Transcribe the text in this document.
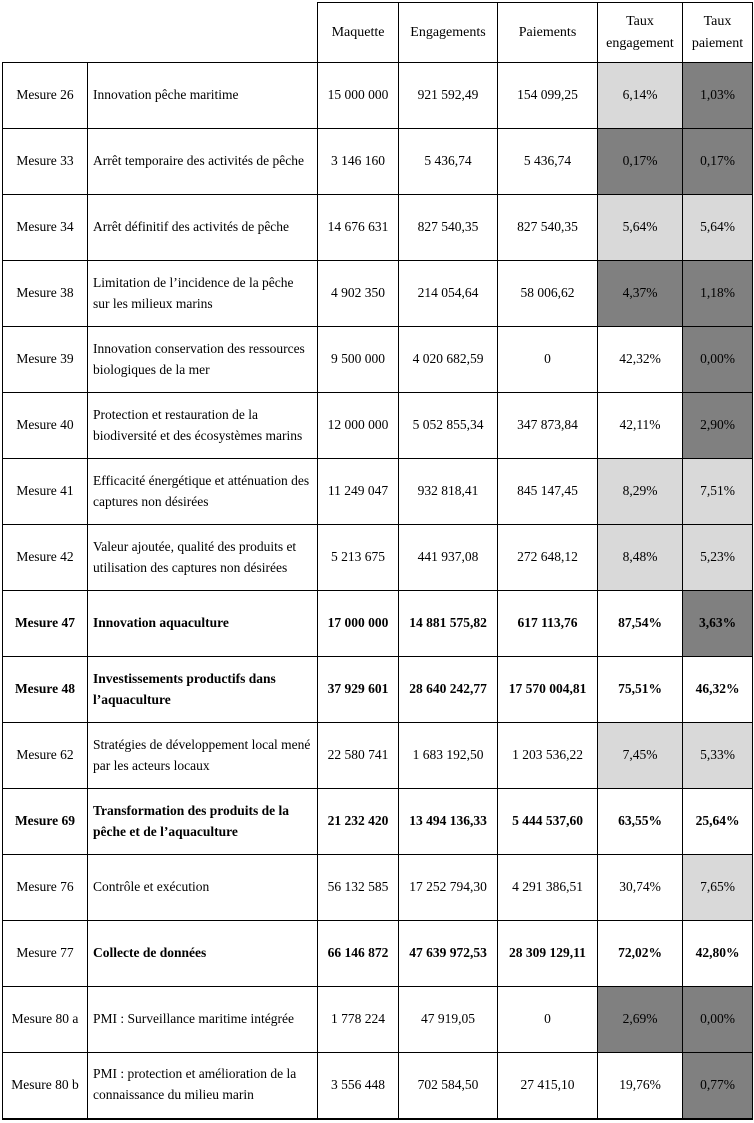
		Maquette	Engagements	Paiements	Taux engagement	Taux paiement
Mesure 26	Innovation pêche maritime	15 000 000	921 592,49	154 099,25	6,14%	1,03%
Mesure 33	Arrêt temporaire des activités de pêche	3 146 160	5 436,74	5 436,74	0,17%	0,17%
Mesure 34	Arrêt définitif des activités de pêche	14 676 631	827 540,35	827 540,35	5,64%	5,64%
Mesure 38	Limitation de l’incidence de la pêche sur les milieux marins	4 902 350	214 054,64	58 006,62	4,37%	1,18%
Mesure 39	Innovation conservation des ressources biologiques de la mer	9 500 000	4 020 682,59	0	42,32%	0,00%
Mesure 40	Protection et restauration de la biodiversité et des écosystèmes marins	12 000 000	5 052 855,34	347 873,84	42,11%	2,90%
Mesure 41	Efficacité énergétique et atténuation des captures non désirées	11 249 047	932 818,41	845 147,45	8,29%	7,51%
Mesure 42	Valeur ajoutée, qualité des produits et utilisation des captures non désirées	5 213 675	441 937,08	272 648,12	8,48%	5,23%
Mesure 47	Innovation aquaculture	17 000 000	14 881 575,82	617 113,76	87,54%	3,63%
Mesure 48	Investissements productifs dans l’aquaculture	37 929 601	28 640 242,77	17 570 004,81	75,51%	46,32%
Mesure 62	Stratégies de développement local mené par les acteurs locaux	22 580 741	1 683 192,50	1 203 536,22	7,45%	5,33%
Mesure 69	Transformation des produits de la pêche et de l’aquaculture	21 232 420	13 494 136,33	5 444 537,60	63,55%	25,64%
Mesure 76	Contrôle et exécution	56 132 585	17 252 794,30	4 291 386,51	30,74%	7,65%
Mesure 77	Collecte de données	66 146 872	47 639 972,53	28 309 129,11	72,02%	42,80%
Mesure 80 a	PMI : Surveillance maritime intégrée	1 778 224	47 919,05	0	2,69%	0,00%
Mesure 80 b	PMI : protection et amélioration de la connaissance du milieu marin	3 556 448	702 584,50	27 415,10	19,76%	0,77%
